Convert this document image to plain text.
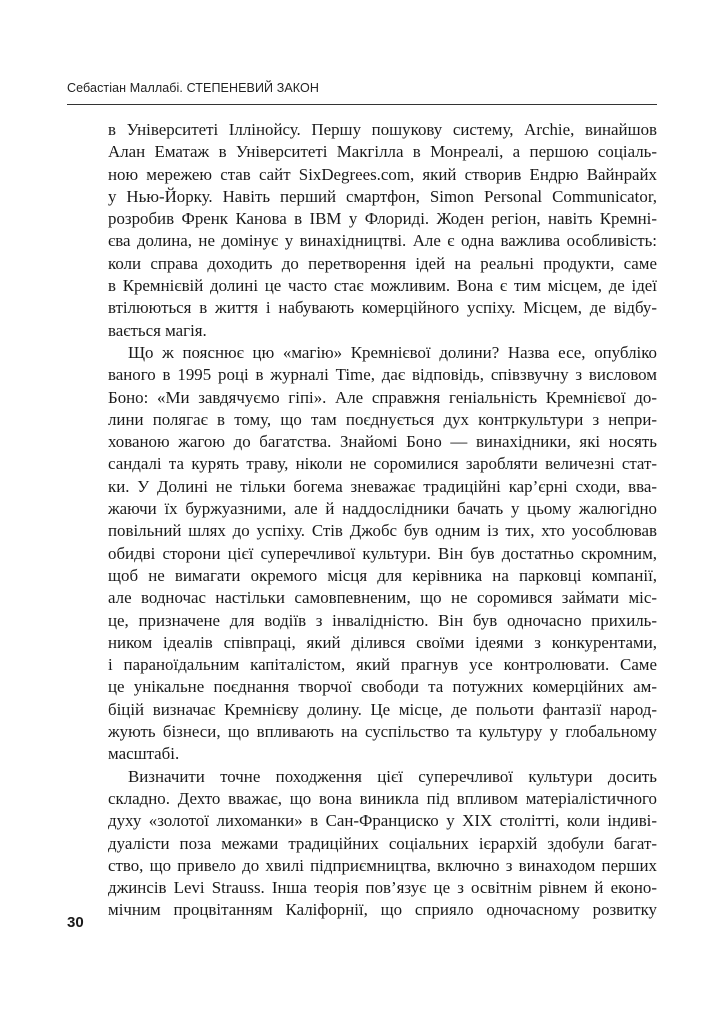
Себастіан Маллабі. СТЕПЕНЕВИЙ ЗАКОН
в Університеті Іллінойсу. Першу пошукову систему, Archie, винайшов
Алан Ематаж в Університеті Макгілла в Монреалі, а першою соціаль-
ною мережею став сайт SixDegrees.com, який створив Ендрю Вайнрайх
у Нью-Йорку. Навіть перший смартфон, Simon Personal Communicator,
розробив Френк Канова в IBM у Флориді. Жоден регіон, навіть Кремні-
єва долина, не домінує у винахідництві. Але є одна важлива особливість:
коли справа доходить до перетворення ідей на реальні продукти, саме
в Кремнієвій долині це часто стає можливим. Вона є тим місцем, де ідеї
втілюються в життя і набувають комерційного успіху. Місцем, де відбу-
вається магія.
Що ж пояснює цю «магію» Кремнієвої долини? Назва есе, опубліко
ваного в 1995 році в журналі Time, дає відповідь, співзвучну з висловом
Боно: «Ми завдячуємо гіпі». Але справжня геніальність Кремнієвої до-
лини полягає в тому, що там поєднується дух контркультури з непри-
хованою жагою до багатства. Знайомі Боно — винахідники, які носять
сандалі та курять траву, ніколи не соромилися заробляти величезні стат-
ки. У Долині не тільки богема зневажає традиційні кар’єрні сходи, вва-
жаючи їх буржуазними, але й наддослідники бачать у цьому жалюгідно
повільний шлях до успіху. Стів Джобс був одним із тих, хто уособлював
обидві сторони цієї суперечливої культури. Він був достатньо скромним,
щоб не вимагати окремого місця для керівника на парковці компанії,
але водночас настільки самовпевненим, що не соромився займати міс-
це, призначене для водіїв з інвалідністю. Він був одночасно прихиль-
ником ідеалів співпраці, який ділився своїми ідеями з конкурентами,
і параноїдальним капіталістом, який прагнув усе контролювати. Саме
це унікальне поєднання творчої свободи та потужних комерційних ам-
біцій визначає Кремнієву долину. Це місце, де польоти фантазії народ-
жують бізнеси, що впливають на суспільство та культуру у глобальному
масштабі.
Визначити точне походження цієї суперечливої культури досить
складно. Дехто вважає, що вона виникла під впливом матеріалістичного
духу «золотої лихоманки» в Сан-Франциско у XIX столітті, коли індиві-
дуалісти поза межами традиційних соціальних ієрархій здобули багат-
ство, що привело до хвилі підприємництва, включно з винаходом перших
джинсів Levi Strauss. Інша теорія пов’язує це з освітнім рівнем й еконо-
мічним процвітанням Каліфорнії, що сприяло одночасному розвитку
30
